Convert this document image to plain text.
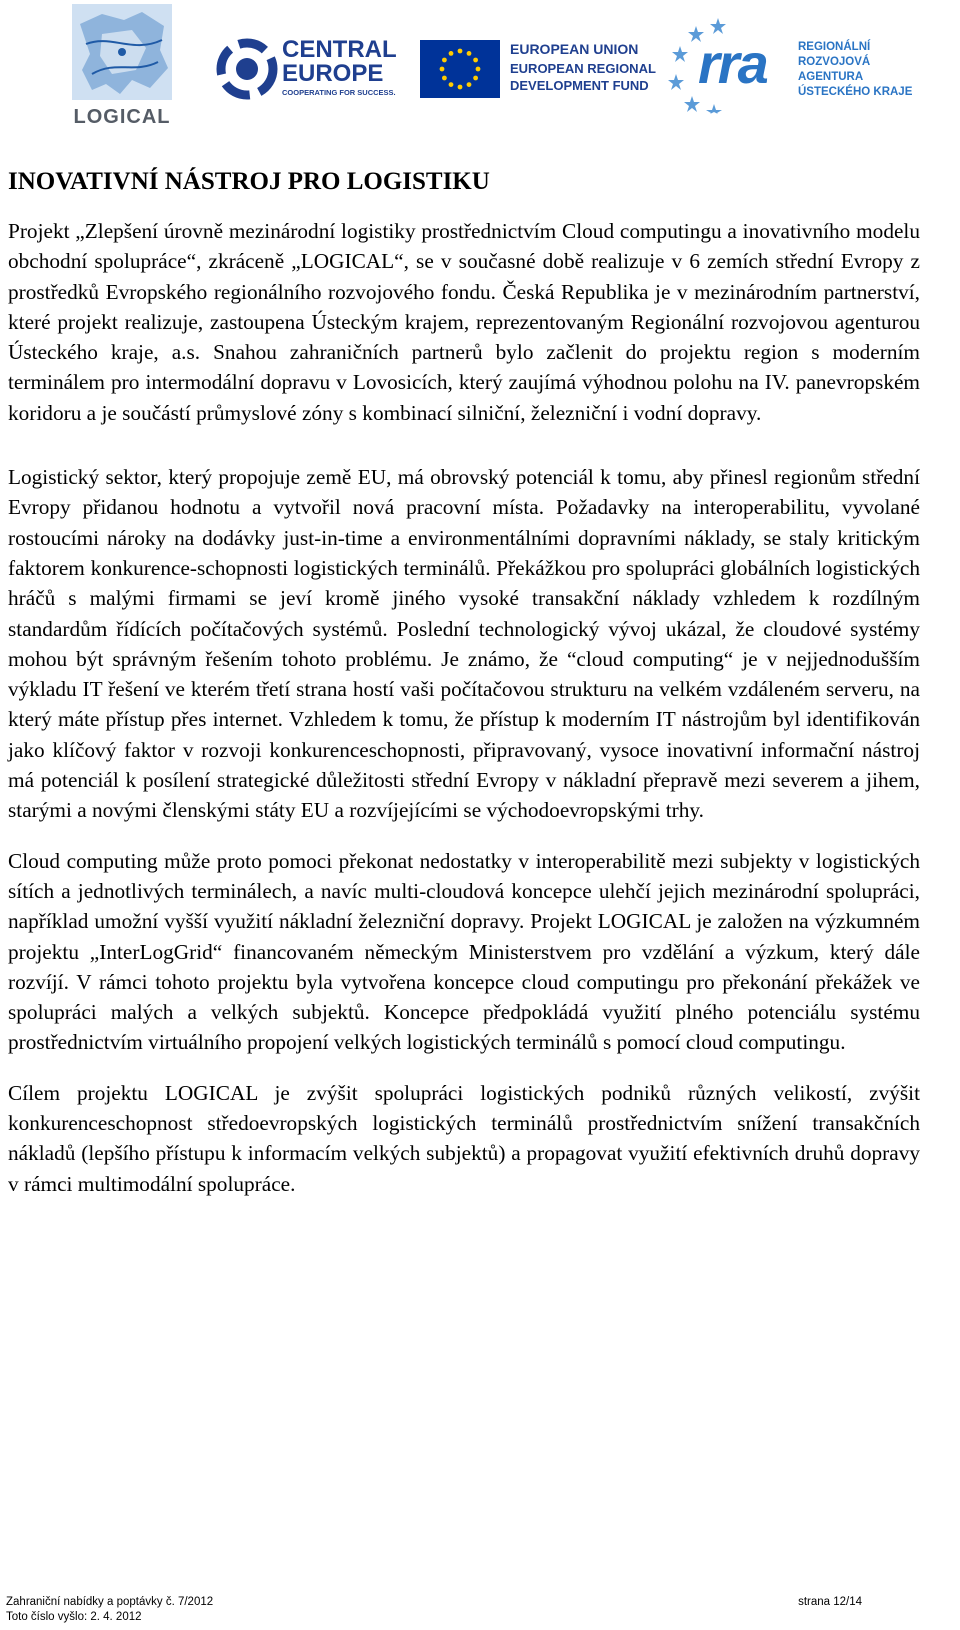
LOGICAL
CENTRAL
EUROPE
COOPERATING FOR SUCCESS.
EUROPEAN UNION
EUROPEAN REGIONAL
DEVELOPMENT FUND rra	REGIONÁLNÍ
ROZVOJOVÁ
AGENTURA
ÚSTECKÉHO KRAJE
INOVATIVNÍ NÁSTROJ PRO LOGISTIKU

Projekt „Zlepšení úrovně mezinárodní logistiky prostřednictvím Cloud computingu a inovativního modelu obchodní spolupráce“, zkráceně „LOGICAL“, se v současné době realizuje v 6 zemích střední Evropy z prostředků Evropského regionálního rozvojového fondu. Česká Republika je v mezinárodním partnerství, které projekt realizuje, zastoupena Ústeckým krajem, reprezentovaným Regionální rozvojovou agenturou Ústeckého kraje, a.s. Snahou zahraničních partnerů bylo začlenit do projektu region s moderním terminálem pro intermodální dopravu v Lovosicích, který zaujímá výhodnou polohu na IV. panevropském koridoru a je součástí průmyslové zóny s kombinací silniční, železniční i vodní dopravy.

Logistický sektor, který propojuje země EU, má obrovský potenciál k tomu, aby přinesl regionům střední Evropy přidanou hodnotu a vytvořil nová pracovní místa. Požadavky na interoperabilitu, vyvolané rostoucími nároky na dodávky just-in-time a environmentálními dopravními náklady, se staly kritickým faktorem konkurence-schopnosti logistických terminálů. Překážkou pro spolupráci globálních logistických hráčů s malými firmami se jeví kromě jiného vysoké transakční náklady vzhledem k rozdílným standardům řídících počítačových systémů. Poslední technologický vývoj ukázal, že cloudové systémy mohou být správným řešením tohoto problému. Je známo, že “cloud computing“ je v nejjednodušším výkladu IT řešení ve kterém třetí strana hostí vaši počítačovou strukturu na velkém vzdáleném serveru, na který máte přístup přes internet. Vzhledem k tomu, že přístup k moderním IT nástrojům byl identifikován jako klíčový faktor v rozvoji konkurenceschopnosti, připravovaný, vysoce inovativní informační nástroj má potenciál k posílení strategické důležitosti střední Evropy v nákladní přepravě mezi severem a jihem, starými a novými členskými státy EU a rozvíjejícími se východoevropskými trhy.

Cloud computing může proto pomoci překonat nedostatky v interoperabilitě mezi subjekty v logistických sítích a jednotlivých terminálech, a navíc multi-cloudová koncepce ulehčí jejich mezinárodní spolupráci, například umožní vyšší využití nákladní železniční dopravy. Projekt LOGICAL je založen na výzkumném projektu „InterLogGrid“ financovaném německým Ministerstvem pro vzdělání a výzkum, který dále rozvíjí. V rámci tohoto projektu byla vytvořena koncepce cloud computingu pro překonání překážek ve spolupráci malých a velkých subjektů. Koncepce předpokládá využití plného potenciálu systému prostřednictvím virtuálního propojení velkých logistických terminálů s pomocí cloud computingu.

Cílem projektu LOGICAL je zvýšit spolupráci logistických podniků různých velikostí, zvýšit konkurenceschopnost středoevropských logistických terminálů prostřednictvím snížení transakčních nákladů (lepšího přístupu k informacím velkých subjektů) a propagovat využití efektivních druhů dopravy v rámci multimodální spolupráce.

Zahraniční nabídky a poptávky č. 7/2012	strana 12/14
Toto číslo vyšlo: 2. 4. 2012
